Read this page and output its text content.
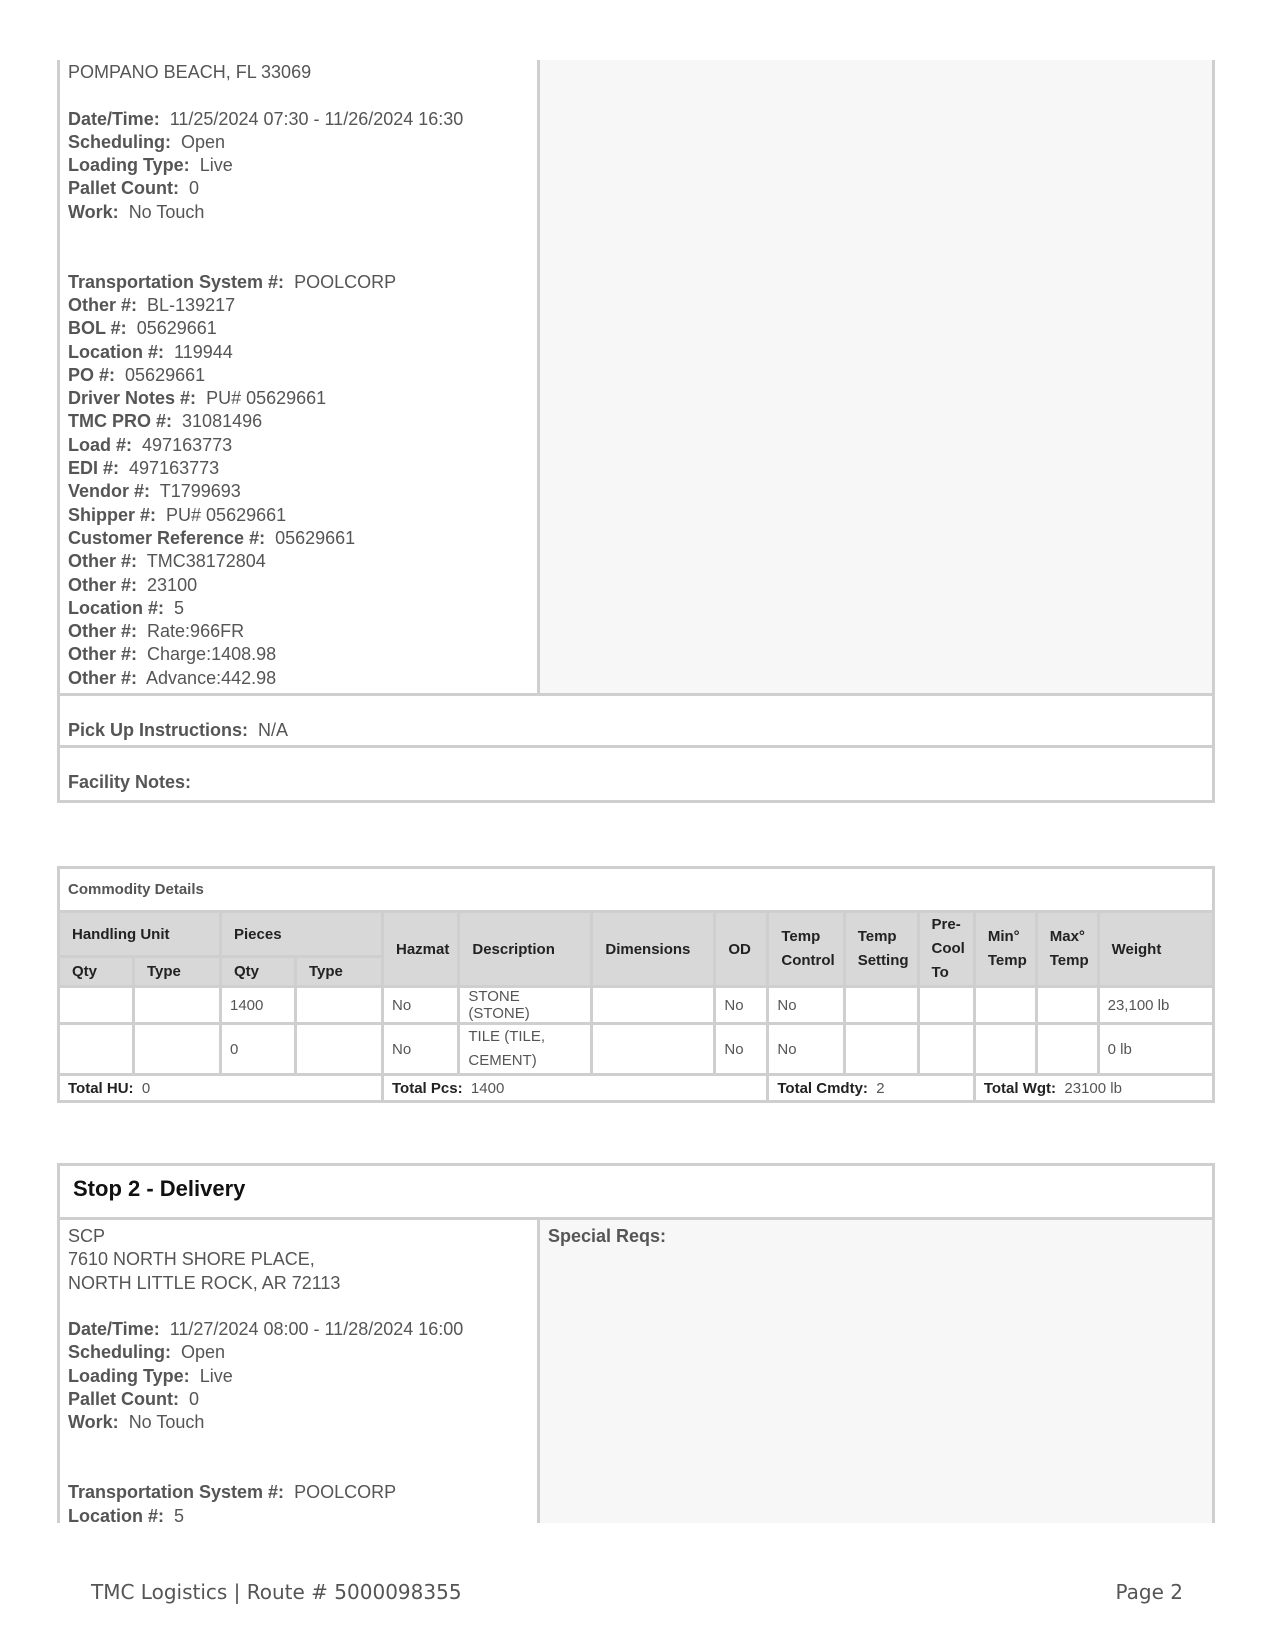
POMPANO BEACH, FL 33069
Date/Time: 11/25/2024 07:30 - 11/26/2024 16:30
Scheduling: Open
Loading Type: Live
Pallet Count: 0
Work: No Touch
Transportation System #: POOLCORP
Other #: BL-139217
BOL #: 05629661
Location #: 119944
PO #: 05629661
Driver Notes #: PU# 05629661
TMC PRO #: 31081496
Load #: 497163773
EDI #: 497163773
Vendor #: T1799693
Shipper #: PU# 05629661
Customer Reference #: 05629661
Other #: TMC38172804
Other #: 23100
Location #: 5
Other #: Rate:966FR
Other #: Charge:1408.98
Other #: Advance:442.98
Pick Up Instructions: N/A
Facility Notes:
Commodity Details													
Handling Unit		Pieces		Hazmat	Description	Dimensions	OD	Temp Control	Temp Setting	Pre-Cool To	Min° Temp	Max° Temp	Weight
Qty	Type	Qty	Type										
		1400		No	STONE (STONE)		No	No					23,100 lb
		0		No	TILE (TILE, CEMENT)		No	No					0 lb
Total HU: 0				Total Pcs: 1400				Total Cmdty: 2			Total Wgt: 23100 lb		
Stop 2 - Delivery
SCP
7610 NORTH SHORE PLACE,
NORTH LITTLE ROCK, AR 72113
Date/Time: 11/27/2024 08:00 - 11/28/2024 16:00
Scheduling: Open
Loading Type: Live
Pallet Count: 0
Work: No Touch
Transportation System #: POOLCORP
Location #: 5
Special Reqs:
TMC Logistics | Route # 5000098355	Page 2
